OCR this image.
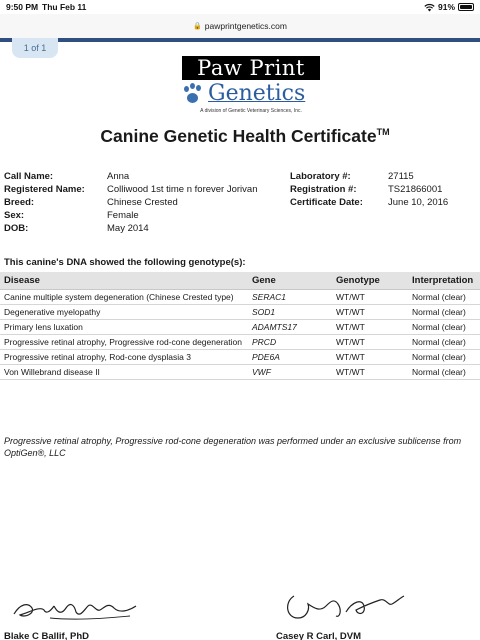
9:50 PM Thu Feb 11	91%
🔒 pawprintgenetics.com
1 of 1
Paw Print
Genetics
A division of Genetic Veterinary Sciences, Inc.
Canine Genetic Health Certificate™
Call Name:	Anna
Registered Name:	Colliwood 1st time n forever Jorivan
Breed:	Chinese Crested
Sex:	Female
DOB:	May 2014
Laboratory #:	27115
Registration #:	TS21866001
Certificate Date:	June 10, 2016
This canine's DNA showed the following genotype(s):
Disease	Gene	Genotype	Interpretation
Canine multiple system degeneration (Chinese Crested type)	SERAC1	WT/WT	Normal (clear)
Degenerative myelopathy	SOD1	WT/WT	Normal (clear)
Primary lens luxation	ADAMTS17	WT/WT	Normal (clear)
Progressive retinal atrophy, Progressive rod-cone degeneration	PRCD	WT/WT	Normal (clear)
Progressive retinal atrophy, Rod-cone dysplasia 3	PDE6A	WT/WT	Normal (clear)
Von Willebrand disease II	VWF	WT/WT	Normal (clear)
Progressive retinal atrophy, Progressive rod-cone degeneration was performed under an exclusive sublicense from OptiGen®, LLC
Blake C Ballif, PhD	Casey R Carl, DVM
